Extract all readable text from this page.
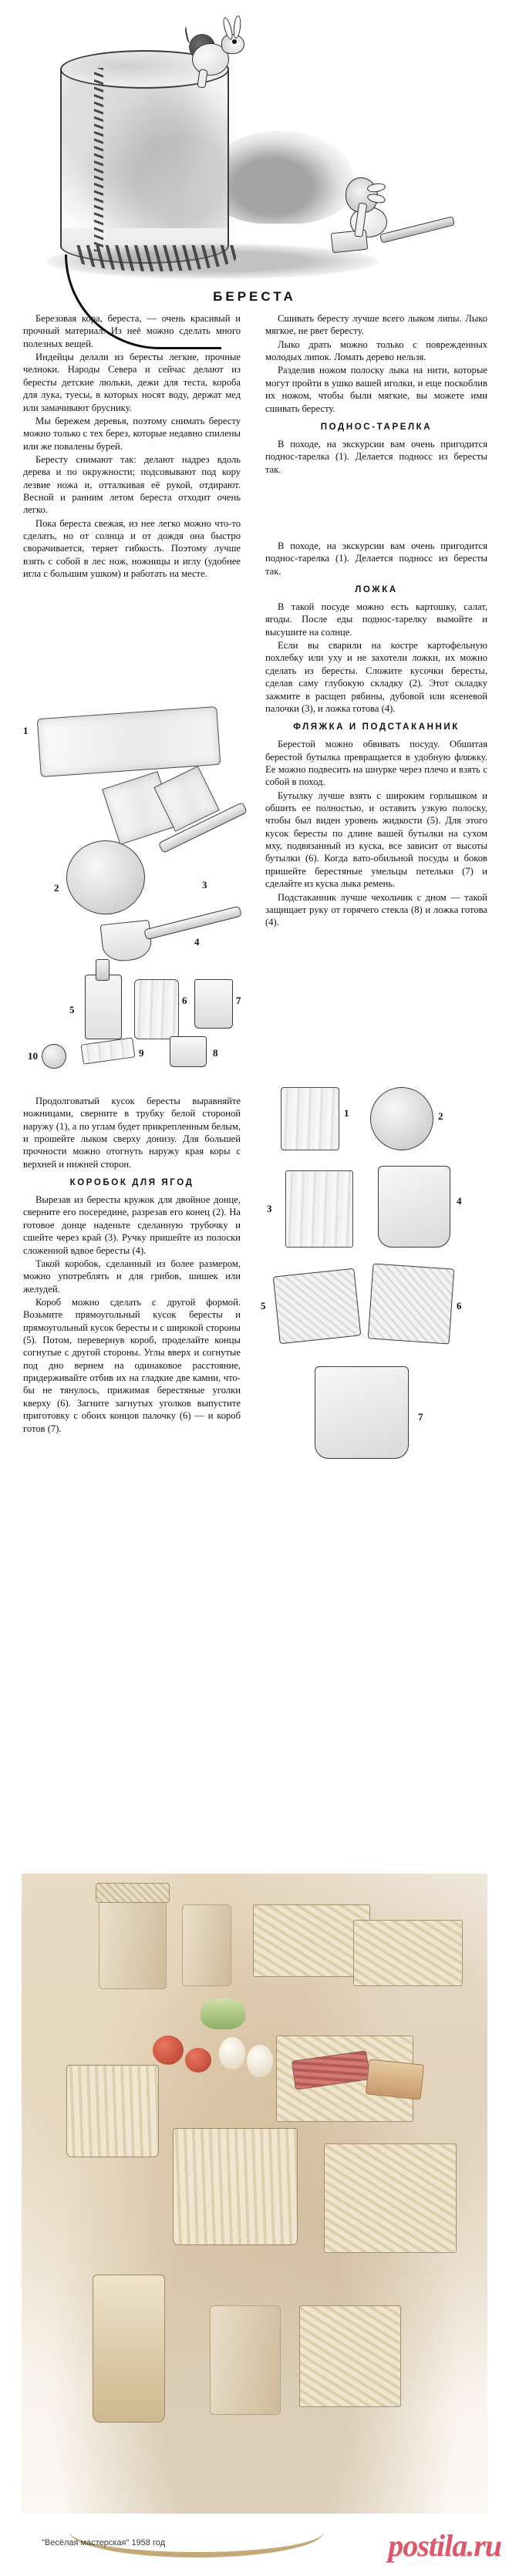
БЕРЕСТА

Березовая кора, береста, — очень красивый и прочный материал. Из неё можно сделать много полезных вещей.

Индейцы делали из бересты легкие, прочные челноки. Народы Севера и сейчас делают из бересты детские люльки, дежи для теста, короба для лука, туесы, в которых носят воду, держат мед или замачивают бруснику.

Мы бережем деревья, поэтому снимать бересту можно только с тех берез, которые недавно спилены или же повалены бурей.

Бересту снимают так: делают надрез вдоль дерева и по окружности; подсовывают под кору лезвие ножа и, отталкивая её рукой, отдирают. Весной и ранним летом береста отходит очень легко.

Пока береста свежая, из нее легко можно что-то сделать, но от солнца и от дождя она быстро сворачивается, теряет гибкость. Поэтому лучше взять с собой в лес нож, ножницы и иглу (удобнее игла с большим ушком) и работать на месте.

Сшивать бересту лучше всего лыком липы. Лыко мягкое, не рвет бересту.

Лыко драть можно только с поврежденных молодых липок. Ломать дерево нельзя.

Разделив ножом полоску лыка на нити, которые могут пройти в ушко вашей иголки, и еще поскоблив их ножом, чтобы были мягкие, вы можете ими сшивать бересту.

ПОДНОС-ТАРЕЛКА

В походе, на экскурсии вам очень пригодится поднос-тарелка (1). Делается подносс из бересты так.

1
2	3
4
5
6	7
10	9	8

В походе, на экскурсии вам очень пригодится поднос-тарелка (1). Делается подносс из бересты так.

ЛОЖКА

В такой посуде можно есть картошку, салат, ягоды. После еды поднос-тарелку вымойте и высушите на солнце.

Если вы сварили на костре картофельную похлебку или уху и не захотели ложки, их можно сделать из бересты. Сложите кусочки бересты, сделав саму глубокую складку (2). Этот складку зажмите в расщеп рябины, дубовой или ясеневой палочки (3), и ложка готова (4).

ФЛЯЖКА И ПОДСТАКАННИК

Берестой можно обвивать посуду. Обшитая берестой бутылка превращается в удобную фляжку. Ее можно подвесить на шнурке через плечо и взять с собой в поход.

Бутылку лучше взять с широким горлышком и обшить ее полностью, и оставить узкую полоску, чтобы был виден уровень жидкости (5). Для этого кусок бересты по длине вашей бутылки на сухом мху, подвязанный из куска, все зависит от высоты бутылки (6). Когда вато-обильной посуды и боков пришейте берестяные умельцы петельки (7) и сделайте из куска лыка ремень.

Подстаканник лучше чехольчик с дном — такой защищает руку от горячего стекла (8) и ложка готова (4).

Продолговатый кусок бересты выравняйте ножницами, сверните в трубку белой стороной наружу (1), а по углам будет прикрепленным белым, и прошейте лыком сверху донизу. Для большей прочности можно отогнуть наружу края коры с верхней и нижней сторон.

КОРОБОК ДЛЯ ЯГОД

Вырезав из бересты кружок для двойное донце, сверните его посередине, разрезав его конец (2). На готовое донце наденьте сделанную трубочку и сшейте через край (3). Ручку пришейте из полоски сложенной вдвое бересты (4).

Такой коробок, сделанный из более размером, можно употреблять и для грибов, шишек или желудей.

Короб можно сделать с другой формой. Возьмите прямоугольный кусок бересты и прямоугольный кусок бересты и с широкой стороны (5). Потом, перевернув короб, проделайте концы согнутые с другой стороны. Углы вверх и согнутые под дно вернем на одинаковое расстояние, придерживайте отбив их на гладкие две камни, что-бы не тянулось, прижимая берестяные уголки кверху (6). Загните загнутых уголков выпустите приготовку с обоих концов палочку (6) — и короб готов (7).

1	2
3
4
5	6
7
"Весёлая мастерская" 1958 год	postila.ru
